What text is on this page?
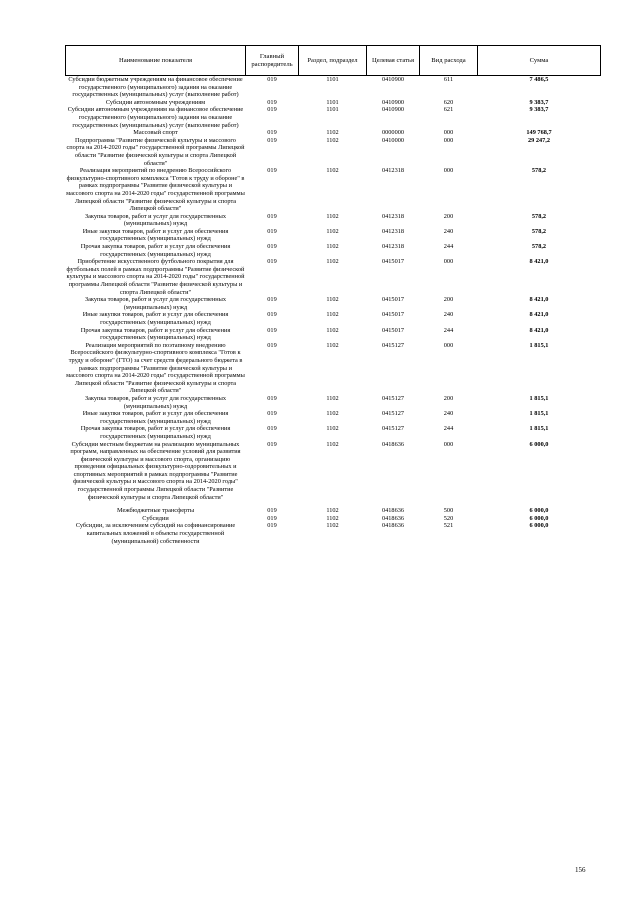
Наименование показателя	Главный распорядитель	Раздел, подраздел	Целевая статья	Вид расхода	Сумма
Субсидии бюджетным учреждениям на финансовое обеспечение государственного (муниципального) задания на оказание государственных (муниципальных) услуг (выполнение работ)	019	1101	0410900	611	7 486,5
Субсидии автономным учреждениям	019	1101	0410900	620	9 383,7
Субсидии автономным учреждениям на финансовое обеспечение государственного (муниципального) задания на оказание государственных (муниципальных) услуг (выполнение работ)	019	1101	0410900	621	9 383,7
Массовый спорт	019	1102	0000000	000	149 768,7
Подпрограмма "Развитие физической культуры и массового спорта на 2014-2020 годы" государственной программы Липецкой области "Развитие физической культуры и спорта Липецкой области"	019	1102	0410000	000	29 247,2
Реализация мероприятий по внедрению Всероссийского физкультурно-спортивного комплекса "Готов к труду и обороне" в рамках подпрограммы "Развитие физической культуры и массового спорта на 2014-2020 годы" государственной программы Липецкой области "Развитие физической культуры и спорта Липецкой области"	019	1102	0412318	000	578,2
Закупка товаров, работ и услуг для государственных (муниципальных) нужд	019	1102	0412318	200	578,2
Иные закупки товаров, работ и услуг для обеспечения государственных (муниципальных) нужд	019	1102	0412318	240	578,2
Прочая закупка товаров, работ и услуг для обеспечения государственных (муниципальных) нужд	019	1102	0412318	244	578,2
Приобретение искусственного футбольного покрытия для футбольных полей в рамках подпрограммы "Развитие физической культуры и массового спорта на 2014-2020 годы" государственной программы Липецкой области "Развитие физической культуры и спорта Липецкой области"	019	1102	0415017	000	8 421,0
Закупка товаров, работ и услуг для государственных (муниципальных) нужд	019	1102	0415017	200	8 421,0
Иные закупки товаров, работ и услуг для обеспечения государственных (муниципальных) нужд	019	1102	0415017	240	8 421,0
Прочая закупка товаров, работ и услуг для обеспечения государственных (муниципальных) нужд	019	1102	0415017	244	8 421,0
Реализация мероприятий по поэтапному внедрению Всероссийского физкультурно-спортивного комплекса "Готов к труду и обороне" (ГТО) за счет средств федерального бюджета в рамках подпрограммы "Развитие физической культуры и массового спорта на 2014-2020 годы" государственной программы Липецкой области "Развитие физической культуры и спорта Липецкой области"	019	1102	0415127	000	1 815,1
Закупка товаров, работ и услуг для государственных (муниципальных) нужд	019	1102	0415127	200	1 815,1
Иные закупки товаров, работ и услуг для обеспечения государственных (муниципальных) нужд	019	1102	0415127	240	1 815,1
Прочая закупка товаров, работ и услуг для обеспечения государственных (муниципальных) нужд	019	1102	0415127	244	1 815,1
Субсидии местным бюджетам на реализацию муниципальных программ, направленных на обеспечение условий для развития физической культуры и массового спорта, организацию проведения официальных физкультурно-оздоровительных и спортивных мероприятий в рамках подпрограммы "Развитие физической культуры и массового спорта на 2014-2020 годы" государственной программы Липецкой области "Развитие физической культуры и спорта Липецкой области"	019	1102	0418636	000	6 000,0

Межбюджетные трансферты	019	1102	0418636	500	6 000,0
Субсидии	019	1102	0418636	520	6 000,0
Субсидии, за исключением субсидий на софинансирование капитальных вложений в объекты государственной (муниципальной) собственности	019	1102	0418636	521	6 000,0
156
